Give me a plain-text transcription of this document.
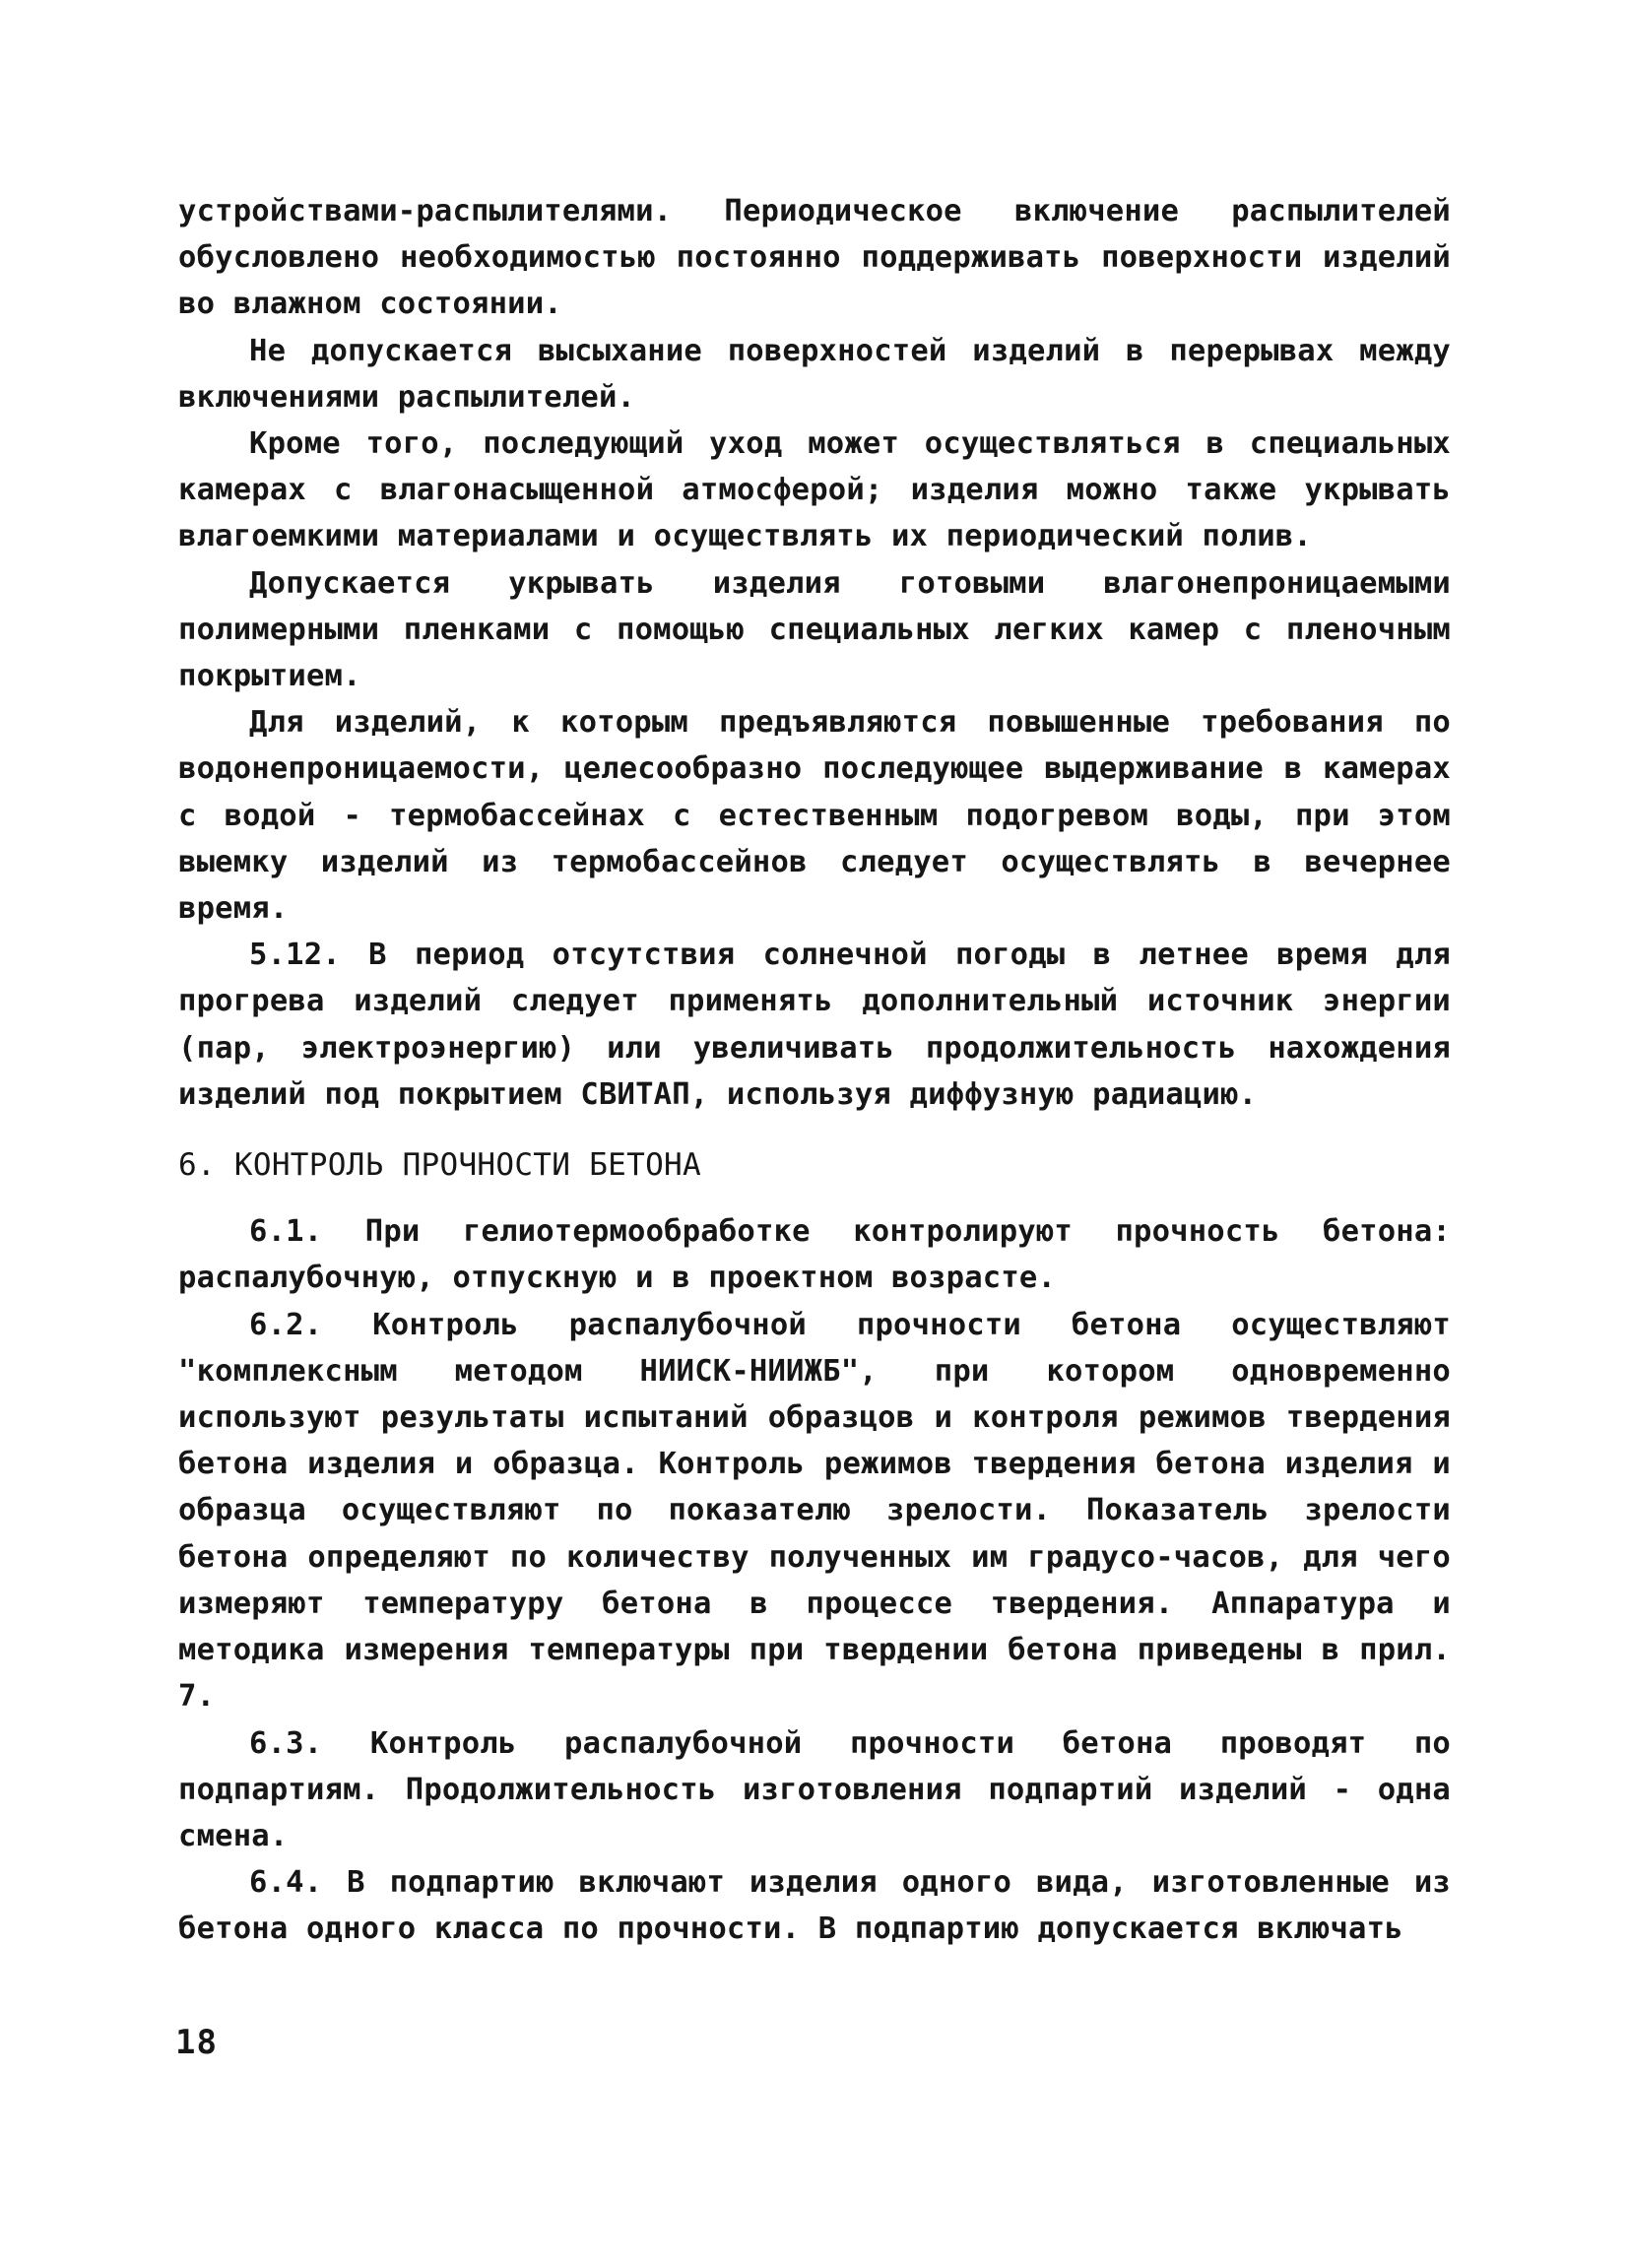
устройствами-распылителями. Периодическое включение распылителей обусловлено необходимостью постоянно поддерживать поверхности изделий во влажном состоянии.

Не допускается высыхание поверхностей изделий в перерывах между включениями распылителей.

Кроме того, последующий уход может осуществляться в специальных камерах с влагонасыщенной атмосферой; изделия можно также укрывать влагоемкими материалами и осуществлять их периодический полив.

Допускается укрывать изделия готовыми влагонепроницаемыми полимерными пленками с помощью специальных легких камер с пленочным покрытием.

Для изделий, к которым предъявляются повышенные требования по водонепроницаемости, целесообразно последующее выдерживание в камерах с водой - термобассейнах с естественным подогревом воды, при этом выемку изделий из термобассейнов следует осуществлять в вечернее время.

5.12. В период отсутствия солнечной погоды в летнее время для прогрева изделий следует применять дополнительный источник энергии (пар, электроэнергию) или увеличивать продолжительность нахождения изделий под покрытием СВИТАП, используя диффузную радиацию.

6. КОНТРОЛЬ ПРОЧНОСТИ БЕТОНА

6.1. При гелиотермообработке контролируют прочность бетона: распалубочную, отпускную и в проектном возрасте.

6.2. Контроль распалубочной прочности бетона осуществляют "комплексным методом НИИСК-НИИЖБ", при котором одновременно используют результаты испытаний образцов и контроля режимов твердения бетона изделия и образца. Контроль режимов твердения бетона изделия и образца осуществляют по показателю зрелости. Показатель зрелости бетона определяют по количеству полученных им градусо-часов, для чего измеряют температуру бетона в процессе твердения. Аппаратура и методика измерения температуры при твердении бетона приведены в прил. 7.

6.3. Контроль распалубочной прочности бетона проводят по подпартиям. Продолжительность изготовления подпартий изделий - одна смена.

6.4. В подпартию включают изделия одного вида, изготовленные из бетона одного класса по прочности. В подпартию допускается включать

18
